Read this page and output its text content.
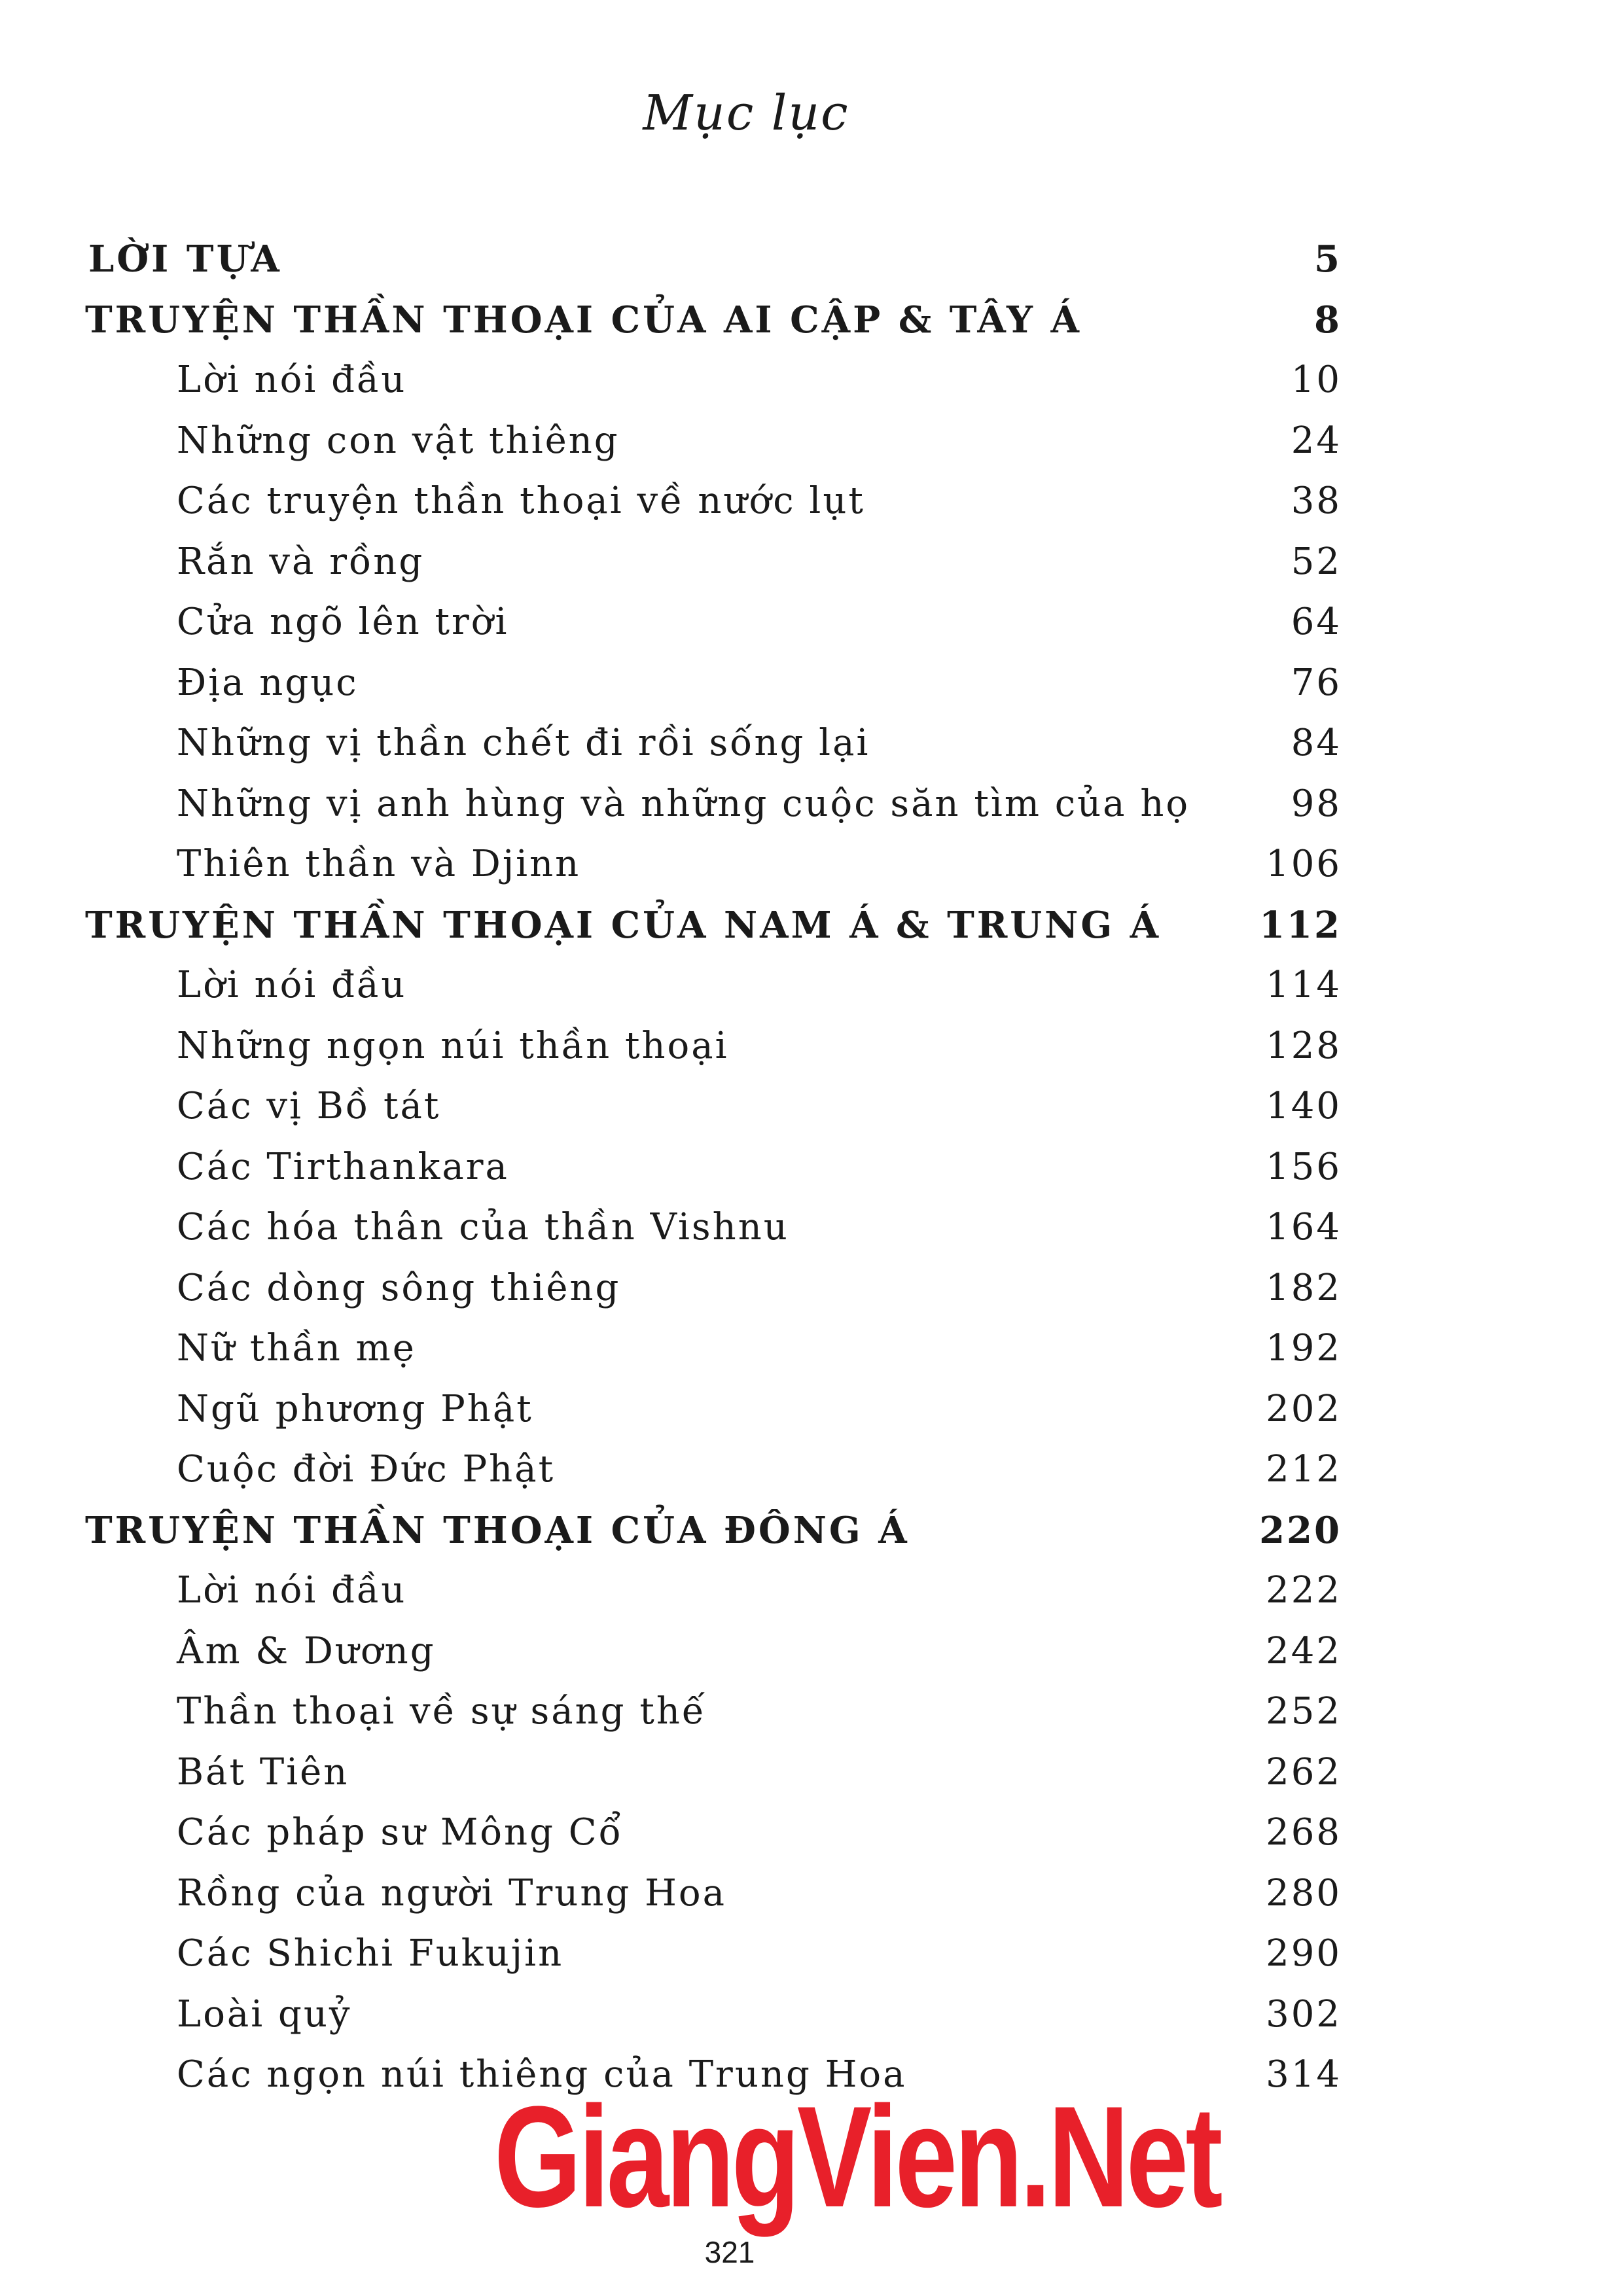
Mục lục
LỜI TỰA	5
TRUYỆN THẦN THOẠI CỦA AI CẬP & TÂY Á	8
Lời nói đầu	10
Những con vật thiêng	24
Các truyện thần thoại về nước lụt	38
Rắn và rồng	52
Cửa ngõ lên trời	64
Địa ngục	76
Những vị thần chết đi rồi sống lại	84
Những vị anh hùng và những cuộc săn tìm của họ	98
Thiên thần và Djinn	106
TRUYỆN THẦN THOẠI CỦA NAM Á & TRUNG Á	112
Lời nói đầu	114
Những ngọn núi thần thoại	128
Các vị Bồ tát	140
Các Tirthankara	156
Các hóa thân của thần Vishnu	164
Các dòng sông thiêng	182
Nữ thần mẹ	192
Ngũ phương Phật	202
Cuộc đời Đức Phật	212
TRUYỆN THẦN THOẠI CỦA ĐÔNG Á	220
Lời nói đầu	222
Âm & Dương	242
Thần thoại về sự sáng thế	252
Bát Tiên	262
Các pháp sư Mông Cổ	268
Rồng của người Trung Hoa	280
Các Shichi Fukujin	290
Loài quỷ	302
Các ngọn núi thiêng của Trung Hoa	314
GiangVien.Net
321
